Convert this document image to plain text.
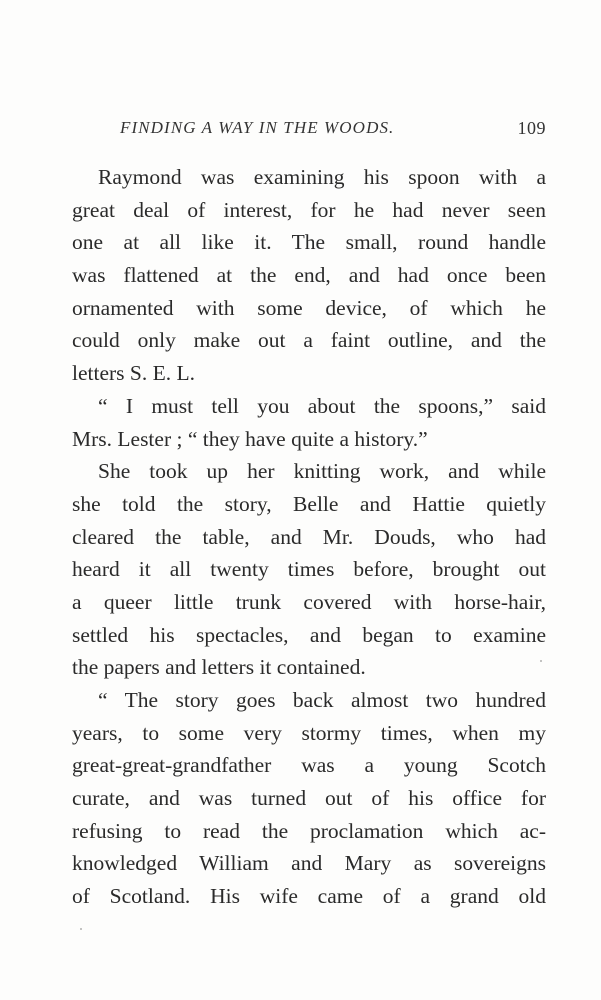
FINDING A WAY IN THE WOODS.	109

Raymond was examining his spoon with a
great deal of interest, for he had never seen
one at all like it. The small, round handle
was flattened at the end, and had once been
ornamented with some device, of which he
could only make out a faint outline, and the
letters S. E. L.

“ I must tell you about the spoons,” said
Mrs. Lester ; “ they have quite a history.”

She took up her knitting work, and while
she told the story, Belle and Hattie quietly
cleared the table, and Mr. Douds, who had
heard it all twenty times before, brought out
a queer little trunk covered with horse-hair,
settled his spectacles, and began to examine
the papers and letters it contained.

“ The story goes back almost two hundred
years, to some very stormy times, when my
great-great-grandfather was a young Scotch
curate, and was turned out of his office for
refusing to read the proclamation which ac-
knowledged William and Mary as sovereigns
of Scotland. His wife came of a grand old
